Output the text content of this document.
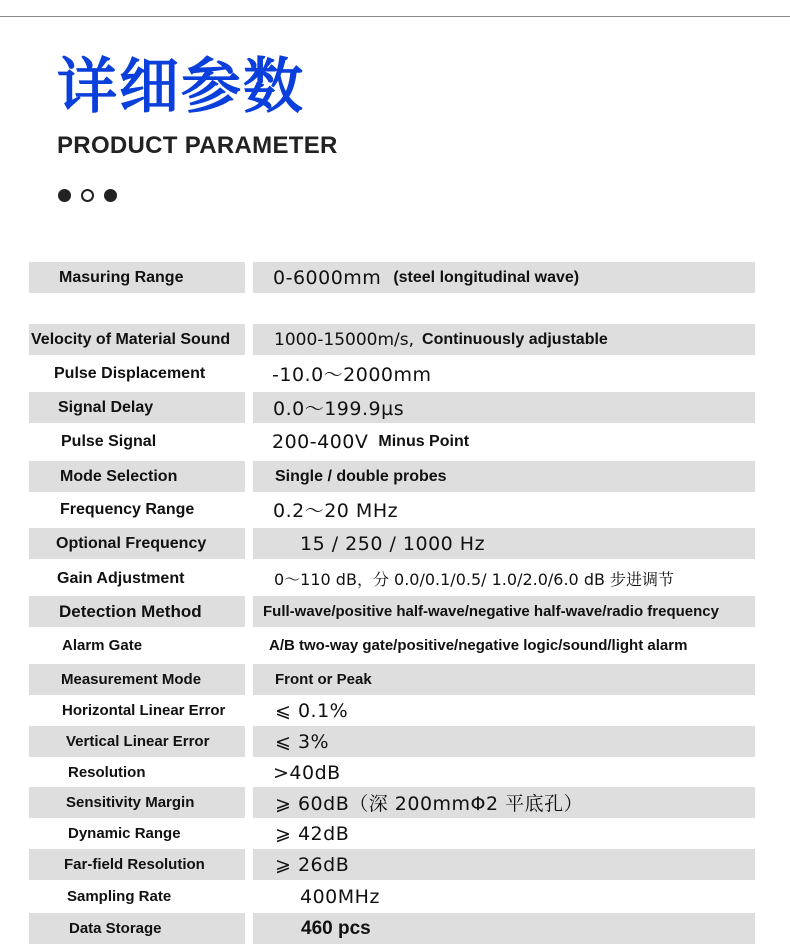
详细参数
PRODUCT PARAMETER
Masuring Range	0-6000mm (steel longitudinal wave)
Velocity of Material Sound	1000-15000m/s, Continuously adjustable
Pulse Displacement	-10.0～2000mm
Signal Delay	0.0～199.9µs
Pulse Signal	200-400V Minus Point
Mode Selection	Single / double probes
Frequency Range	0.2～20 MHz
Optional Frequency	15 / 250 / 1000 Hz
Gain Adjustment	0～110 dB，分 0.0/0.1/0.5/ 1.0/2.0/6.0 dB 步进调节
Detection Method	Full-wave/positive half-wave/negative half-wave/radio frequency
Alarm Gate	A/B two-way gate/positive/negative logic/sound/light alarm
Measurement Mode	Front or Peak
Horizontal Linear Error	⩽ 0.1%
Vertical Linear Error	⩽ 3%
Resolution	>40dB
Sensitivity Margin	⩾ 60dB（深 200mmΦ2 平底孔）
Dynamic Range	⩾ 42dB
Far-field Resolution	⩾ 26dB
Sampling Rate	400MHz
Data Storage	460 pcs
